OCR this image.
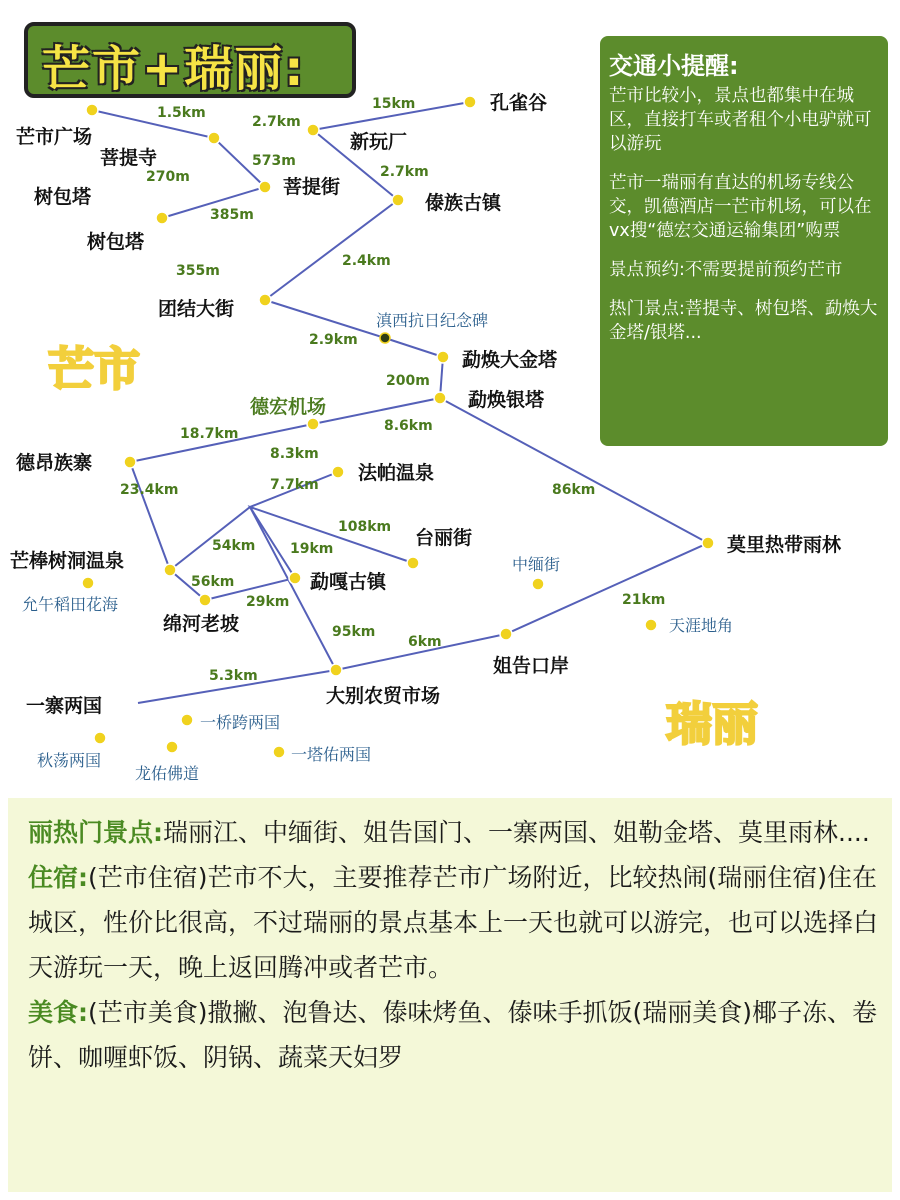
1.5km
270m
573m
2.7km
15km
2.7km
385m
355m
2.4km
2.9km
200m
18.7km	8.6km
8.3km
7.7km
23.4km
108km
86km
54km 19km
56km
29km
95km
21km
6km
5.3km
芒市广场
菩提寺
菩提街
树包塔
树包塔
新玩厂
孔雀谷
傣族古镇
团结大街
滇西抗日纪念碑
勐焕大金塔
勐焕银塔
德宏机场
德昂族寨	法帕温泉
台丽街
芒棒树洞温泉
绵河老坡
勐嘎古镇
莫里热带雨林
中缅街
天涯地角
允午稻田花海
姐告口岸
大别农贸市场
一寨两国
一桥跨两国
秋荡两国
龙佑佛道
一塔佑两国
芒市
瑞丽
芒市+瑞丽:	交通小提醒:

芒市比较小，景点也都集中在城区，直接打车或者租个小电驴就可以游玩

芒市一瑞丽有直达的机场专线公交，凯德酒店一芒市机场，可以在vx搜“德宏交通运输集团”购票

景点预约:不需要提前预约芒市

热门景点:菩提寺、树包塔、勐焕大金塔/银塔...

丽热门景点:瑞丽江、中缅街、姐告国门、一寨两国、姐勒金塔、莫里雨林....

住宿:(芒市住宿)芒市不大，主要推荐芒市广场附近，比较热闹(瑞丽住宿)住在城区，性价比很高，不过瑞丽的景点基本上一天也就可以游完，也可以选择白天游玩一天，晚上返回腾冲或者芒市。

美食:(芒市美食)撒撇、泡鲁达、傣味烤鱼、傣味手抓饭(瑞丽美食)椰子冻、卷饼、咖喱虾饭、阴锅、蔬菜天妇罗
